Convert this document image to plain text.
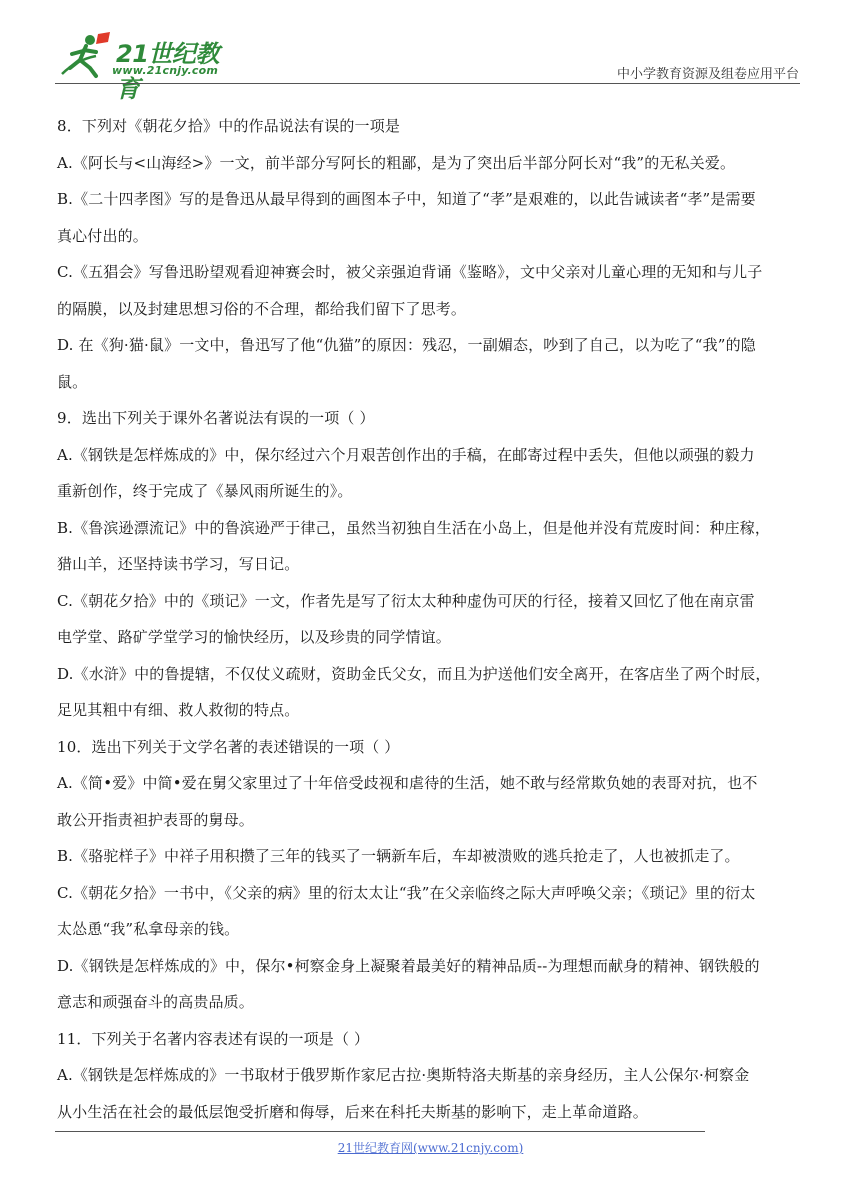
21世纪教育
www.21cnjy.com	中小学教育资源及组卷应用平台
8．下列对《朝花夕拾》中的作品说法有误的一项是
A.《阿长与<山海经>》一文，前半部分写阿长的粗鄙，是为了突出后半部分阿长对“我”的无私关爱。
B.《二十四孝图》写的是鲁迅从最早得到的画图本子中，知道了“孝”是艰难的，以此告诫读者“孝”是需要
真心付出的。
C.《五猖会》写鲁迅盼望观看迎神赛会时，被父亲强迫背诵《鉴略》，文中父亲对儿童心理的无知和与儿子
的隔膜，以及封建思想习俗的不合理，都给我们留下了思考。
D. 在《狗·猫·鼠》一文中，鲁迅写了他“仇猫”的原因：残忍，一副媚态，吵到了自己，以为吃了“我”的隐
鼠。
9．选出下列关于课外名著说法有误的一项（ ）
A.《钢铁是怎样炼成的》中，保尔经过六个月艰苦创作出的手稿，在邮寄过程中丢失，但他以顽强的毅力
重新创作，终于完成了《暴风雨所诞生的》。
B.《鲁滨逊漂流记》中的鲁滨逊严于律己，虽然当初独自生活在小岛上，但是他并没有荒废时间：种庄稼，
猎山羊，还坚持读书学习，写日记。
C.《朝花夕拾》中的《琐记》一文，作者先是写了衍太太种种虚伪可厌的行径，接着又回忆了他在南京雷
电学堂、路矿学堂学习的愉快经历，以及珍贵的同学情谊。
D.《水浒》中的鲁提辖，不仅仗义疏财，资助金氏父女，而且为护送他们安全离开，在客店坐了两个时辰，
足见其粗中有细、救人救彻的特点。
10．选出下列关于文学名著的表述错误的一项（ ）
A.《简•爱》中简•爱在舅父家里过了十年倍受歧视和虐待的生活，她不敢与经常欺负她的表哥对抗，也不
敢公开指责袒护表哥的舅母。
B.《骆驼样子》中祥子用积攒了三年的钱买了一辆新车后，车却被溃败的逃兵抢走了，人也被抓走了。
C.《朝花夕拾》一书中，《父亲的病》里的衍太太让“我”在父亲临终之际大声呼唤父亲；《琐记》里的衍太
太怂恿“我”私拿母亲的钱。
D.《钢铁是怎样炼成的》中，保尔•柯察金身上凝聚着最美好的精神品质--为理想而献身的精神、钢铁般的
意志和顽强奋斗的高贵品质。
11．下列关于名著内容表述有误的一项是（ ）
A.《钢铁是怎样炼成的》一书取材于俄罗斯作家尼古拉·奥斯特洛夫斯基的亲身经历，主人公保尔·柯察金
从小生活在社会的最低层饱受折磨和侮辱，后来在科托夫斯基的影响下，走上革命道路。
21世纪教育网(www.21cnjy.com)
